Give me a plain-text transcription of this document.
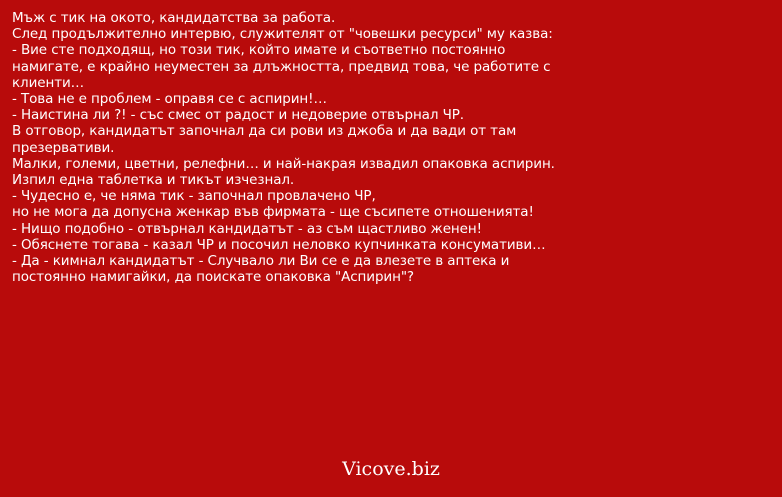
Мъж с тик на окото, кандидатства за работа.
След продължително интервю, служителят от "човешки ресурси" му казва:
- Вие сте подходящ, но този тик, който имате и съответно постоянно намигате, е крайно неуместен за длъжността, предвид това, че работите с клиенти…
- Това не е проблем - оправя се с аспирин!…
- Наистина ли ?! - със смес от радост и недоверие отвърнал ЧР.
В отговор, кандидатът започнал да си рови из джоба и да вади от там презервативи.
Малки, големи, цветни, релефни… и най-накрая извадил опаковка аспирин.
Изпил една таблетка и тикът изчезнал.
- Чудесно е, че няма тик - започнал провлачено ЧР,
но не мога да допусна женкар във фирмата - ще съсипете отношенията!
- Нищо подобно - отвърнал кандидатът - аз съм щастливо женен!
- Обяснете тогава - казал ЧР и посочил неловко купчинката консумативи…
- Да - кимнал кандидатът - Случвало ли Ви се е да влезете в аптека и постоянно намигайки, да поискате опаковка "Аспирин"?
Vicove.biz
